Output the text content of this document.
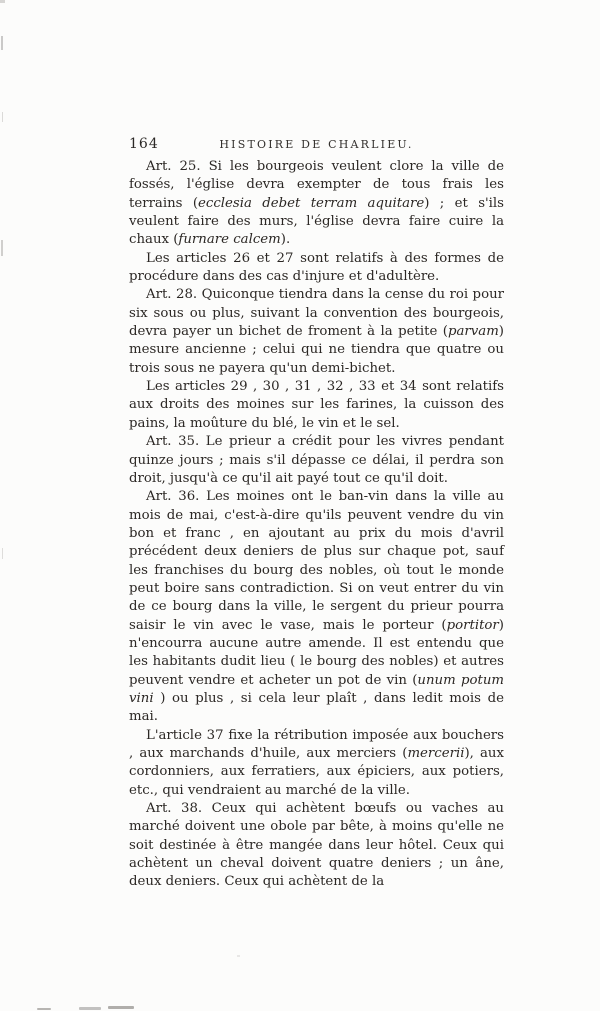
164	HISTOIRE DE CHARLIEU.

Art. 25. Si les bourgeois veulent clore la ville de fossés, l'église devra exempter de tous frais les terrains (ecclesia debet terram aquitare) ; et s'ils veulent faire des murs, l'église devra faire cuire la chaux (furnare calcem).

Les articles 26 et 27 sont relatifs à des formes de procédure dans des cas d'injure et d'adultère.

Art. 28. Quiconque tiendra dans la cense du roi pour six sous ou plus, suivant la convention des bourgeois, devra payer un bichet de froment à la petite (parvam) mesure ancienne ; celui qui ne tiendra que quatre ou trois sous ne payera qu'un demi-bichet.

Les articles 29 , 30 , 31 , 32 , 33 et 34 sont relatifs aux droits des moines sur les farines, la cuisson des pains, la moûture du blé, le vin et le sel.

Art. 35. Le prieur a crédit pour les vivres pendant quinze jours ; mais s'il dépasse ce délai, il perdra son droit, jusqu'à ce qu'il ait payé tout ce qu'il doit.

Art. 36. Les moines ont le ban-vin dans la ville au mois de mai, c'est-à-dire qu'ils peuvent vendre du vin bon et franc , en ajoutant au prix du mois d'avril précédent deux deniers de plus sur chaque pot, sauf les franchises du bourg des nobles, où tout le monde peut boire sans contradiction. Si on veut entrer du vin de ce bourg dans la ville, le sergent du prieur pourra saisir le vin avec le vase, mais le porteur (portitor) n'encourra aucune autre amende. Il est entendu que les habitants dudit lieu ( le bourg des nobles) et autres peuvent vendre et acheter un pot de vin (unum potum vini ) ou plus , si cela leur plaît , dans ledit mois de mai.

L'article 37 fixe la rétribution imposée aux bouchers , aux marchands d'huile, aux merciers (mercerii), aux cordonniers, aux ferratiers, aux épiciers, aux potiers, etc., qui vendraient au marché de la ville.

Art. 38. Ceux qui achètent bœufs ou vaches au marché doivent une obole par bête, à moins qu'elle ne soit destinée à être mangée dans leur hôtel. Ceux qui achètent un cheval doivent quatre deniers ; un âne, deux deniers. Ceux qui achètent de la
